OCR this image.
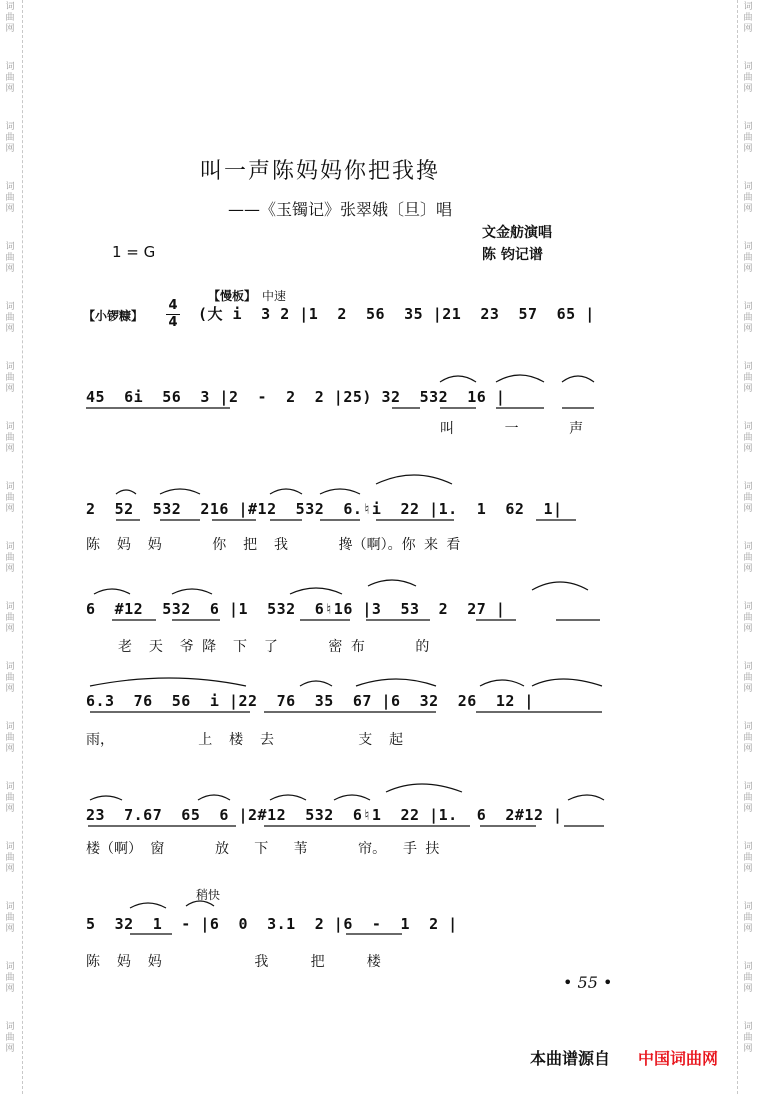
词
曲
网
词
曲
网
词
曲
网
词
曲
网
词
曲
网
词
曲
网
词
曲
网
词
曲
网
词
曲
网
词
曲
网
词
曲
网
词
曲
网
词
曲
网
词
曲
网
词
曲
网
词
曲
网
词
曲
网
词
曲
网
词
曲
网
词
曲
网
词
曲
网
词
曲
网
词
曲
网
词
曲
网
词
曲
网
词
曲
网
词
曲
网
词
曲
网
词
曲
网
词
曲
网
词
曲
网
词
曲
网
词
曲
网
词
曲
网
词
曲
网
词
曲
网
叫一声陈妈妈你把我搀
——《玉镯记》张翠娥〔旦〕唱
文金舫演唱
陈 钧记谱
1 = G
【慢板】 中速
【小锣糠】
4
4 (大 i  3 2 |1  2  56  35 |21  23  57  65 |
45  6i  56  3 |2  -  2  2 |25) 32  532  16 |
叫      一      声
2  52  532  216 |#12  532  6.♮i  22 |1.  1  62  1|
陈  妈  妈      你  把  我      搀（啊）。你 来 看
6  #12  532  6 |1  532  6♮16 |3  53  2  27 |
老  天  爷 降  下  了      密 布      的
6.3  76  56  i |22  76  35  67 |6  32  26  12 |
雨，          上  楼  去          支  起
23  7.67  65  6 |2#12  532  6♮1  22 |1.  6  2#12 |
楼（啊） 窗      放   下   苇      帘。  手 扶
稍快
5  32  1  - |6  0  3.1  2 |6  -  1  2 |
陈  妈  妈           我     把     楼
• 55 •
本曲谱源自 中国词曲网
